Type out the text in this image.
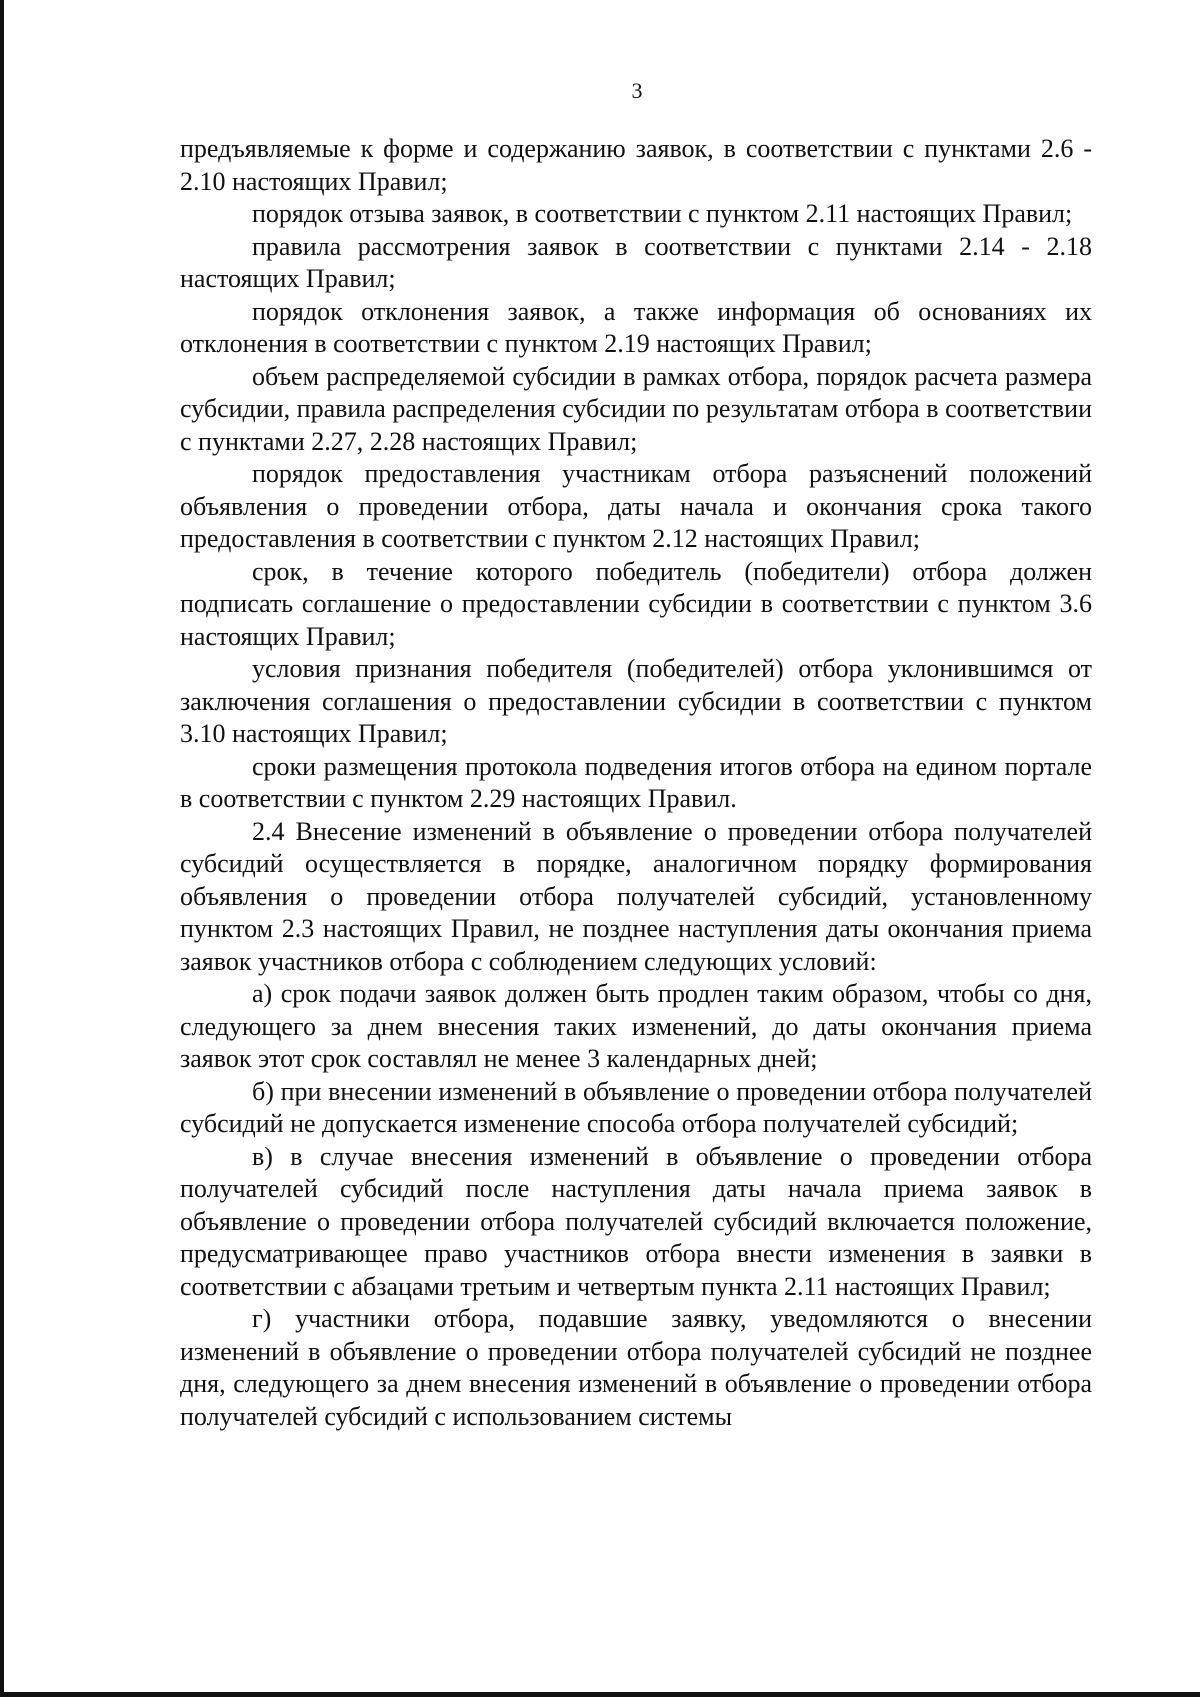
3

предъявляемые к форме и содержанию заявок, в соответствии с пунктами 2.6 - 2.10 настоящих Правил;

порядок отзыва заявок, в соответствии с пунктом 2.11 настоящих Правил;

правила рассмотрения заявок в соответствии с пунктами 2.14 - 2.18 настоящих Правил;

порядок отклонения заявок, а также информация об основаниях их отклонения в соответствии с пунктом 2.19 настоящих Правил;

объем распределяемой субсидии в рамках отбора, порядок расчета размера субсидии, правила распределения субсидии по результатам отбора в соответствии с пунктами 2.27, 2.28 настоящих Правил;

порядок предоставления участникам отбора разъяснений положений объявления о проведении отбора, даты начала и окончания срока такого предоставления в соответствии с пунктом 2.12 настоящих Правил;

срок, в течение которого победитель (победители) отбора должен подписать соглашение о предоставлении субсидии в соответствии с пунктом 3.6 настоящих Правил;

условия признания победителя (победителей) отбора уклонившимся от заключения соглашения о предоставлении субсидии в соответствии с пунктом 3.10 настоящих Правил;

сроки размещения протокола подведения итогов отбора на едином портале в соответствии с пунктом 2.29 настоящих Правил.

2.4 Внесение изменений в объявление о проведении отбора получателей субсидий осуществляется в порядке, аналогичном порядку формирования объявления о проведении отбора получателей субсидий, установленному пунктом 2.3 настоящих Правил, не позднее наступления даты окончания приема заявок участников отбора с соблюдением следующих условий:

а) срок подачи заявок должен быть продлен таким образом, чтобы со дня, следующего за днем внесения таких изменений, до даты окончания приема заявок этот срок составлял не менее 3 календарных дней;

б) при внесении изменений в объявление о проведении отбора получателей субсидий не допускается изменение способа отбора получателей субсидий;

в) в случае внесения изменений в объявление о проведении отбора получателей субсидий после наступления даты начала приема заявок в объявление о проведении отбора получателей субсидий включается положение, предусматривающее право участников отбора внести изменения в заявки в соответствии с абзацами третьим и четвертым пункта 2.11 настоящих Правил;

г) участники отбора, подавшие заявку, уведомляются о внесении изменений в объявление о проведении отбора получателей субсидий не позднее дня, следующего за днем внесения изменений в объявление о проведении отбора получателей субсидий с использованием системы
